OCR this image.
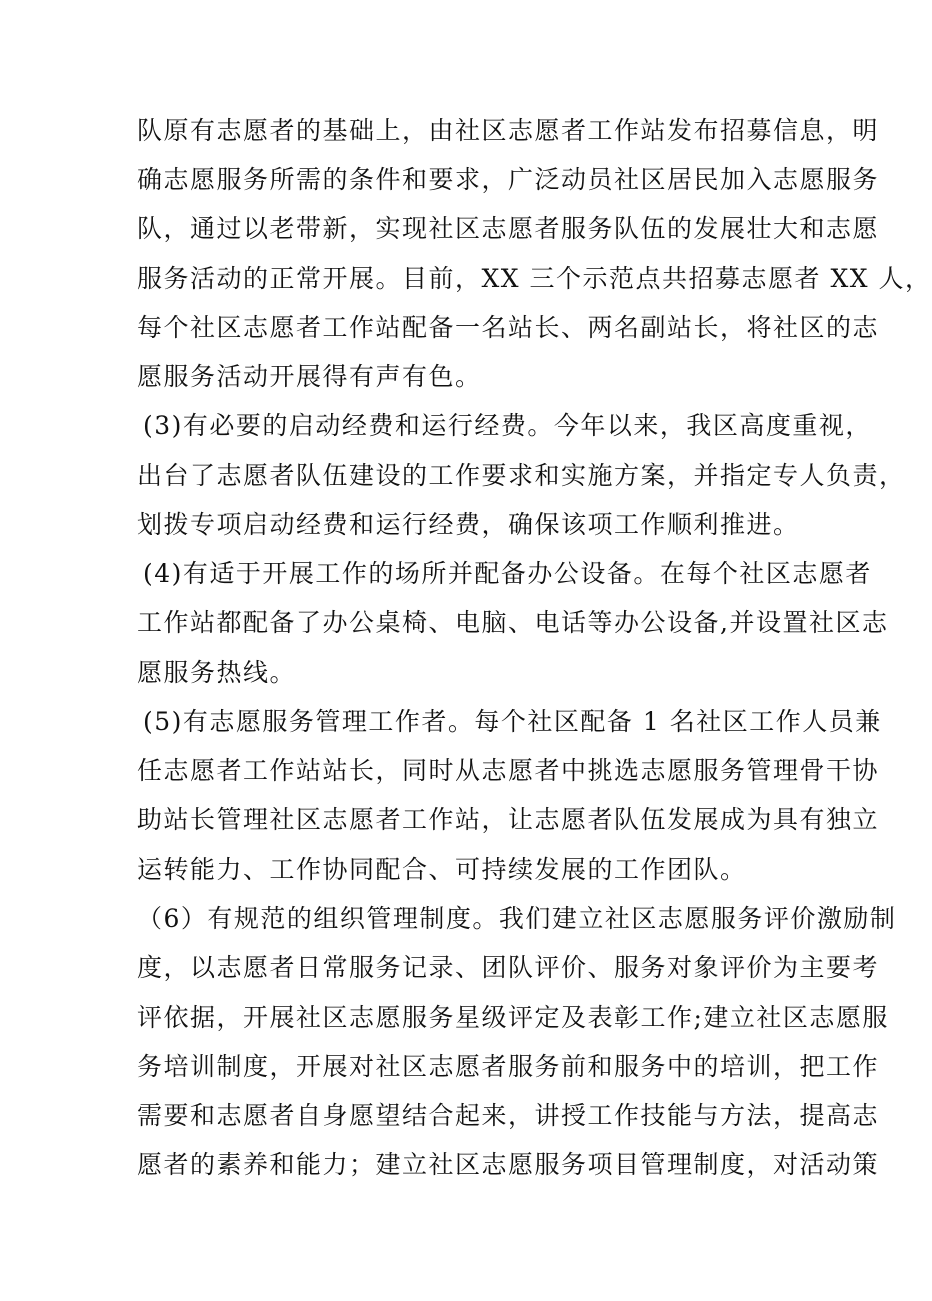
队原有志愿者的基础上，由社区志愿者工作站发布招募信息，明
确志愿服务所需的条件和要求，广泛动员社区居民加入志愿服务
队，通过以老带新，实现社区志愿者服务队伍的发展壮大和志愿
服务活动的正常开展。目前，XX 三个示范点共招募志愿者 XX 人，
每个社区志愿者工作站配备一名站长、两名副站长，将社区的志
愿服务活动开展得有声有色。
(3)有必要的启动经费和运行经费。今年以来，我区高度重视，
出台了志愿者队伍建设的工作要求和实施方案，并指定专人负责，
划拨专项启动经费和运行经费，确保该项工作顺利推进。
(4)有适于开展工作的场所并配备办公设备。在每个社区志愿者
工作站都配备了办公桌椅、电脑、电话等办公设备,并设置社区志
愿服务热线。
(5)有志愿服务管理工作者。每个社区配备 1 名社区工作人员兼
任志愿者工作站站长，同时从志愿者中挑选志愿服务管理骨干协
助站长管理社区志愿者工作站，让志愿者队伍发展成为具有独立
运转能力、工作协同配合、可持续发展的工作团队。
（6）有规范的组织管理制度。我们建立社区志愿服务评价激励制
度，以志愿者日常服务记录、团队评价、服务对象评价为主要考
评依据，开展社区志愿服务星级评定及表彰工作;建立社区志愿服
务培训制度，开展对社区志愿者服务前和服务中的培训，把工作
需要和志愿者自身愿望结合起来，讲授工作技能与方法，提高志
愿者的素养和能力；建立社区志愿服务项目管理制度，对活动策
